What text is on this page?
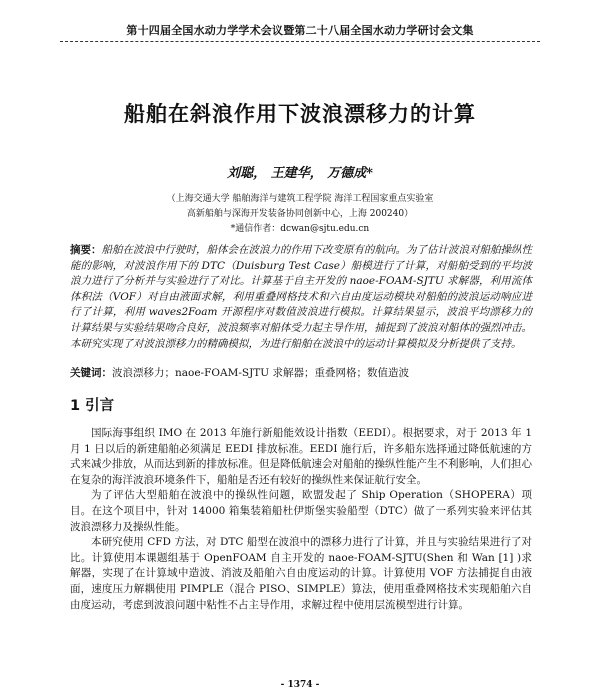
第十四届全国水动力学学术会议暨第二十八届全国水动力学研讨会文集
船舶在斜浪作用下波浪漂移力的计算
刘聪， 王建华， 万德成*
（上海交通大学 船舶海洋与建筑工程学院 海洋工程国家重点实验室
高新船舶与深海开发装备协同创新中心，上海 200240）
*通信作者：dcwan@sjtu.edu.cn
摘要：船舶在波浪中行驶时，船体会在波浪力的作用下改变原有的航向。为了估计波浪对船舶操纵性能的影响，对波浪作用下的 DTC（Duisburg Test Case）船模进行了计算，对船舶受到的平均波浪力进行了分析并与实验进行了对比。计算基于自主开发的 naoe-FOAM-SJTU 求解器，利用流体体积法（VOF）对自由液面求解，利用重叠网格技术和六自由度运动模块对船舶的波浪运动响应进行了计算，利用 waves2Foam 开源程序对数值波浪进行模拟。计算结果显示，波浪平均漂移力的计算结果与实验结果吻合良好，波浪频率对船体受力起主导作用，捕捉到了波浪对船体的强烈冲击。本研究实现了对波浪漂移力的精确模拟，为进行船舶在波浪中的运动计算模拟及分析提供了支持。
关键词：波浪漂移力；naoe-FOAM-SJTU 求解器；重叠网格；数值造波
1 引言

国际海事组织 IMO 在 2013 年施行新船能效设计指数（EEDI）。根据要求，对于 2013 年 1 月 1 日以后的新建船舶必须满足 EEDI 排放标准。EEDI 施行后，许多船东选择通过降低航速的方式来减少排放，从而达到新的排放标准。但是降低航速会对船舶的操纵性能产生不利影响，人们担心在复杂的海洋波浪环境条件下，船舶是否还有较好的操纵性来保证航行安全。

为了评估大型船舶在波浪中的操纵性问题，欧盟发起了 Ship Operation（SHOPERA）项目。在这个项目中，针对 14000 箱集装箱船杜伊斯堡实验船型（DTC）做了一系列实验来评估其波浪漂移力及操纵性能。

本研究使用 CFD 方法，对 DTC 船型在波浪中的漂移力进行了计算，并且与实验结果进行了对比。计算使用本课题组基于 OpenFOAM 自主开发的 naoe-FOAM-SJTU(Shen 和 Wan [1] )求解器，实现了在计算域中造波、消波及船舶六自由度运动的计算。计算使用 VOF 方法捕捉自由液面，速度压力解耦使用 PIMPLE（混合 PISO、SIMPLE）算法，使用重叠网格技术实现船舶六自由度运动，考虑到波浪问题中粘性不占主导作用，求解过程中使用层流模型进行计算。

- 1374 -
